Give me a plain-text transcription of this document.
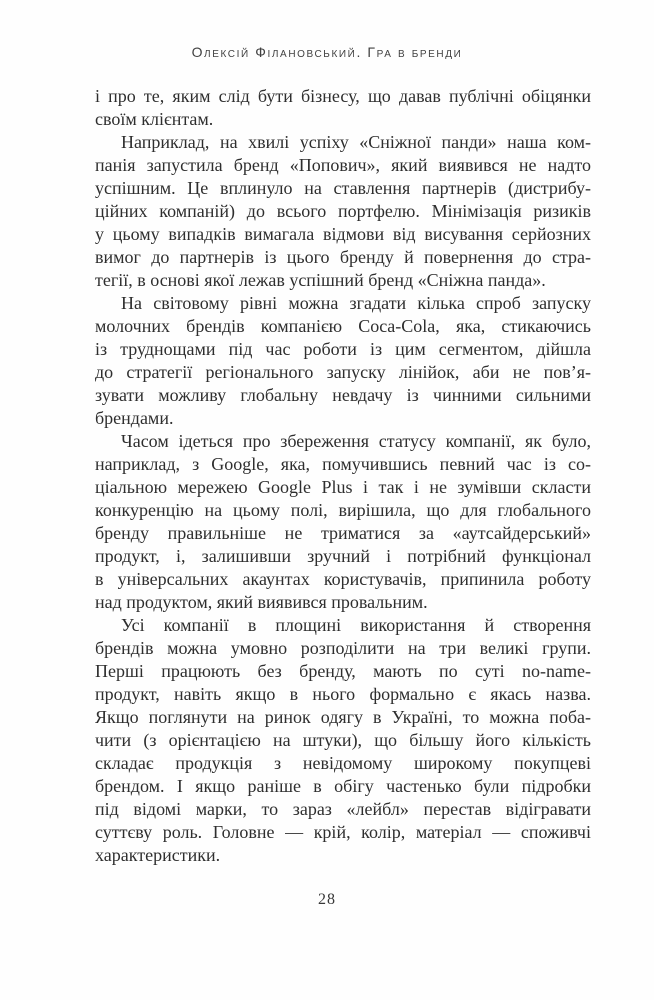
Олексій Філановський. Гра в бренди
і про те, яким слід бути бізнесу, що давав публічні обіцянки
своїм клієнтам.
Наприклад, на хвилі успіху «Сніжної панди» наша ком-
панія запустила бренд «Попович», який виявився не надто
успішним. Це вплинуло на ставлення партнерів (дистрибу-
ційних компаній) до всього портфелю. Мінімізація ризиків
у цьому випадків вимагала відмови від висування серйозних
вимог до партнерів із цього бренду й повернення до стра-
тегії, в основі якої лежав успішний бренд «Сніжна панда».
На світовому рівні можна згадати кілька спроб запуску
молочних брендів компанією Coca-Cola, яка, стикаючись
із труднощами під час роботи із цим сегментом, дійшла
до стратегії регіонального запуску лінійок, аби не пов’я-
зувати можливу глобальну невдачу із чинними сильними
брендами.
Часом ідеться про збереження статусу компанії, як було,
наприклад, з Google, яка, помучившись певний час із со-
ціальною мережею Google Plus і так і не зумівши скласти
конкуренцію на цьому полі, вирішила, що для глобального
бренду правильніше не триматися за «аутсайдерський»
продукт, і, залишивши зручний і потрібний функціонал
в універсальних акаунтах користувачів, припинила роботу
над продуктом, який виявився провальним.
Усі компанії в площині використання й створення
брендів можна умовно розподілити на три великі групи.
Перші працюють без бренду, мають по суті no-name-
продукт, навіть якщо в нього формально є якась назва.
Якщо поглянути на ринок одягу в Україні, то можна поба-
чити (з орієнтацією на штуки), що більшу його кількість
складає продукція з невідомому широкому покупцеві
брендом. І якщо раніше в обігу частенько були підробки
під відомі марки, то зараз «лейбл» перестав відігравати
суттєву роль. Головне — крій, колір, матеріал — споживчі
характеристики.
28
